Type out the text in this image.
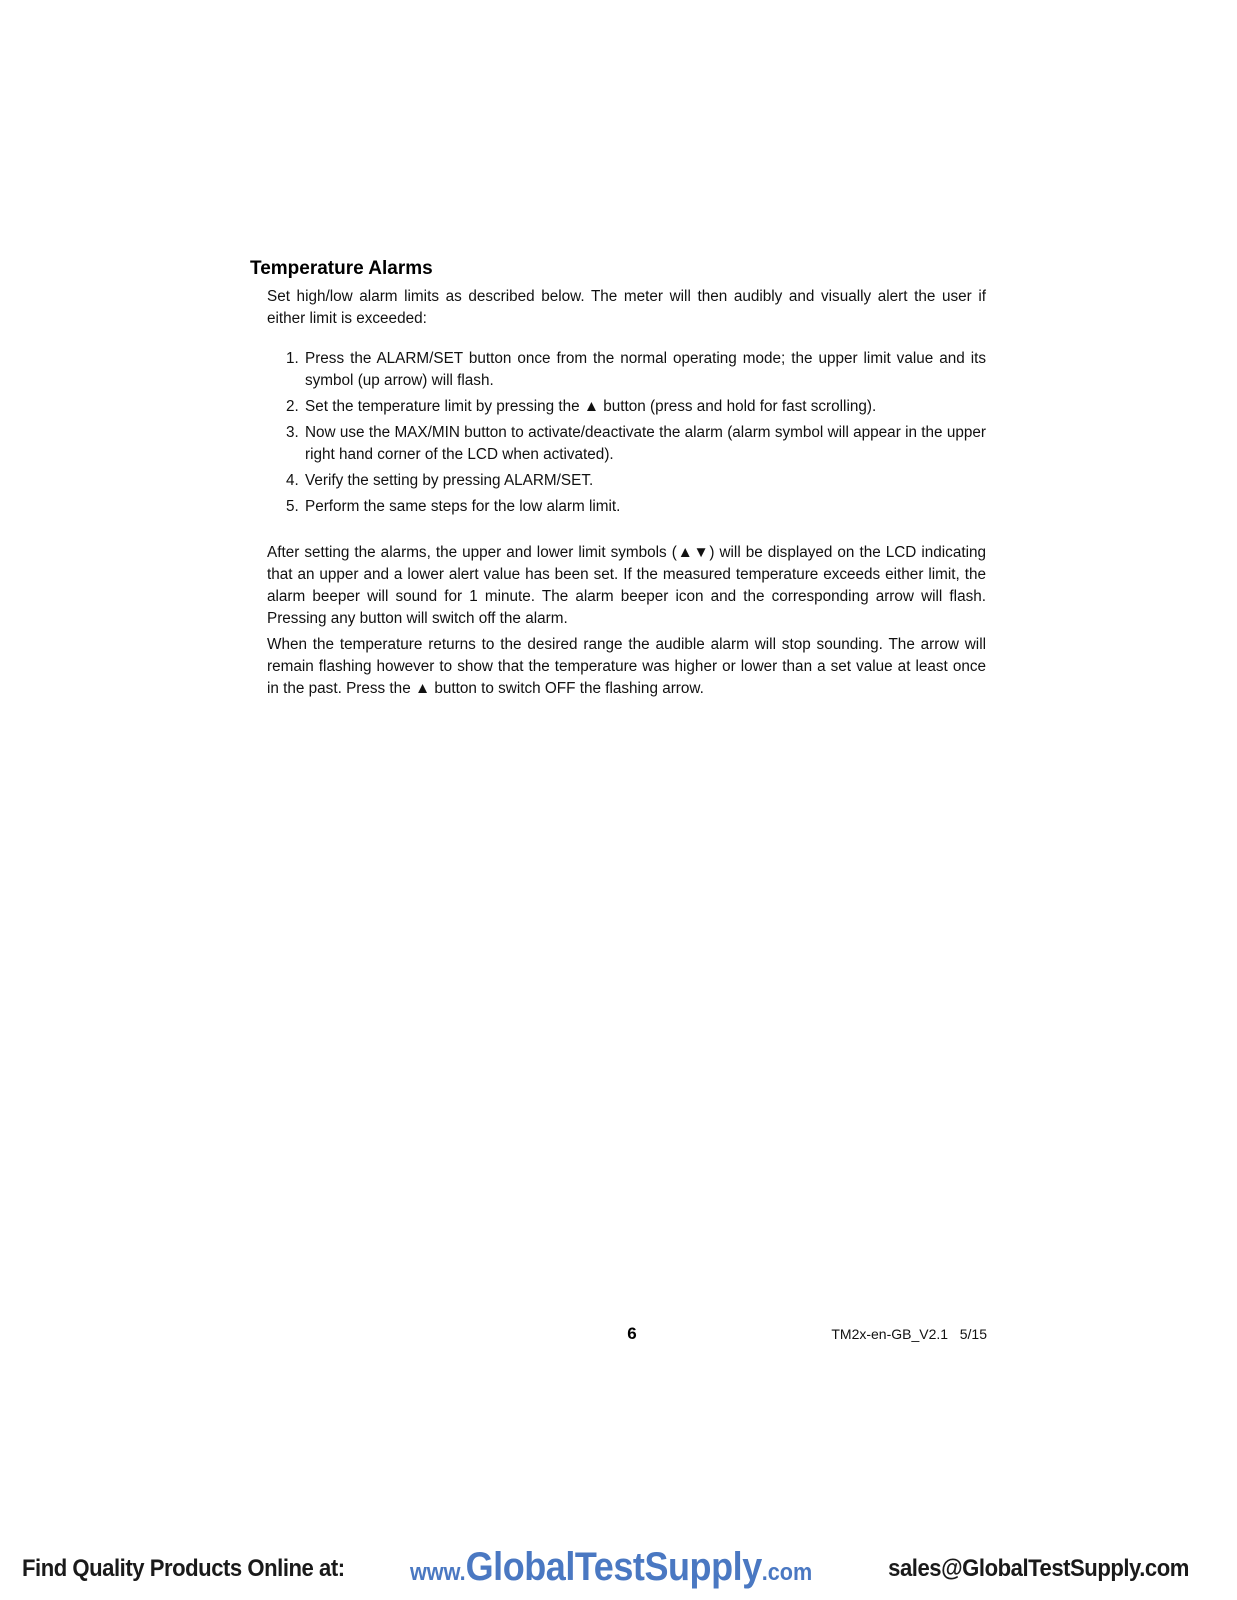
Temperature Alarms

Set high/low alarm limits as described below. The meter will then audibly and visually alert the user if either limit is exceeded:

1. Press the ALARM/SET button once from the normal operating mode; the upper limit value and its symbol (up arrow) will flash.
2. Set the temperature limit by pressing the ▲ button (press and hold for fast scrolling).
3. Now use the MAX/MIN button to activate/deactivate the alarm (alarm symbol will appear in the upper right hand corner of the LCD when activated).
4. Verify the setting by pressing ALARM/SET.
5. Perform the same steps for the low alarm limit.

After setting the alarms, the upper and lower limit symbols (▲▼) will be displayed on the LCD indicating that an upper and a lower alert value has been set. If the measured temperature exceeds either limit, the alarm beeper will sound for 1 minute. The alarm beeper icon and the corresponding arrow will flash. Pressing any button will switch off the alarm.

When the temperature returns to the desired range the audible alarm will stop sounding. The arrow will remain flashing however to show that the temperature was higher or lower than a set value at least once in the past. Press the ▲ button to switch OFF the flashing arrow.

6	TM2x-en-GB_V2.1   5/15
Find Quality Products Online at:	www.GlobalTestSupply.com	sales@GlobalTestSupply.com
